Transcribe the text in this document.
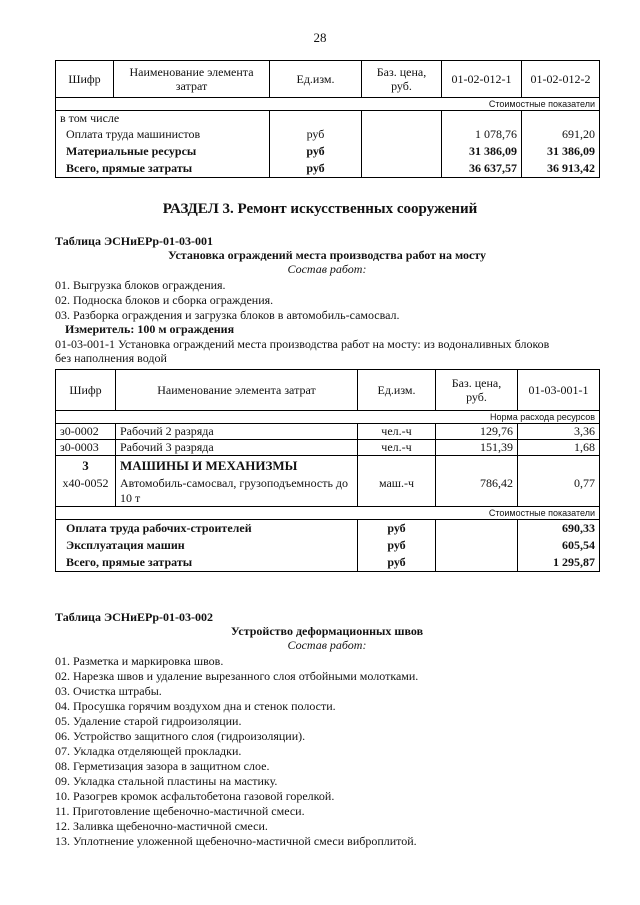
28
Шифр	Наименование элемента затрат	Ед.изм.	Баз. цена, руб.	01-02-012-1	01-02-012-2
Стоимостные показатели					
в том числе					
Оплата труда машинистов		руб		1 078,76	691,20
Материальные ресурсы		руб		31 386,09	31 386,09
Всего, прямые затраты		руб		36 637,57	36 913,42
РАЗДЕЛ 3. Ремонт искусственных сооружений
Таблица ЭСНиЕРр-01-03-001
Установка ограждений места производства работ на мосту
Состав работ:
01. Выгрузка блоков ограждения.
02. Поднoска блоков и сборка ограждения.
03. Разборка ограждения и загрузка блоков в автомобиль-самосвал.
Измеритель: 100 м ограждения
01-03-001-1 Установка ограждений места производства работ на мосту: из водоналивных блоков
без наполнения водой
Шифр	Наименование элемента затрат	Ед.изм.	Баз. цена, руб.	01-03-001-1
Норма расхода ресурсов				
з0-0002	Рабочий 2 разряда	чел.-ч	129,76	3,36
з0-0003	Рабочий 3 разряда	чел.-ч	151,39	1,68
3	МАШИНЫ И МЕХАНИЗМЫ			
х40-0052	Автомобиль-самосвал, грузоподъемность до 10 т	маш.-ч	786,42	0,77
Стоимостные показатели				
Оплата труда рабочих-строителей		руб		690,33
Эксплуатация машин		руб		605,54
Всего, прямые затраты		руб		1 295,87
Таблица ЭСНиЕРр-01-03-002
Устройство деформационных швов
Состав работ:
01. Разметка и маркировка швов.
02. Нарезка швов и удаление вырезанного слоя отбойными молотками.
03. Очистка штрабы.
04. Просушка горячим воздухом дна и стенок полости.
05. Удаление старой гидроизоляции.
06. Устройство защитного слоя (гидроизоляции).
07. Укладка отделяющей прокладки.
08. Герметизация зазора в защитном слое.
09. Укладка стальной пластины на мастику.
10. Разогрев кромок асфальтобетона газовой горелкой.
11. Приготовление щебеночно-мастичной смеси.
12. Заливка щебеночно-мастичной смеси.
13. Уплотнение уложенной щебеночно-мастичной смеси виброплитой.
